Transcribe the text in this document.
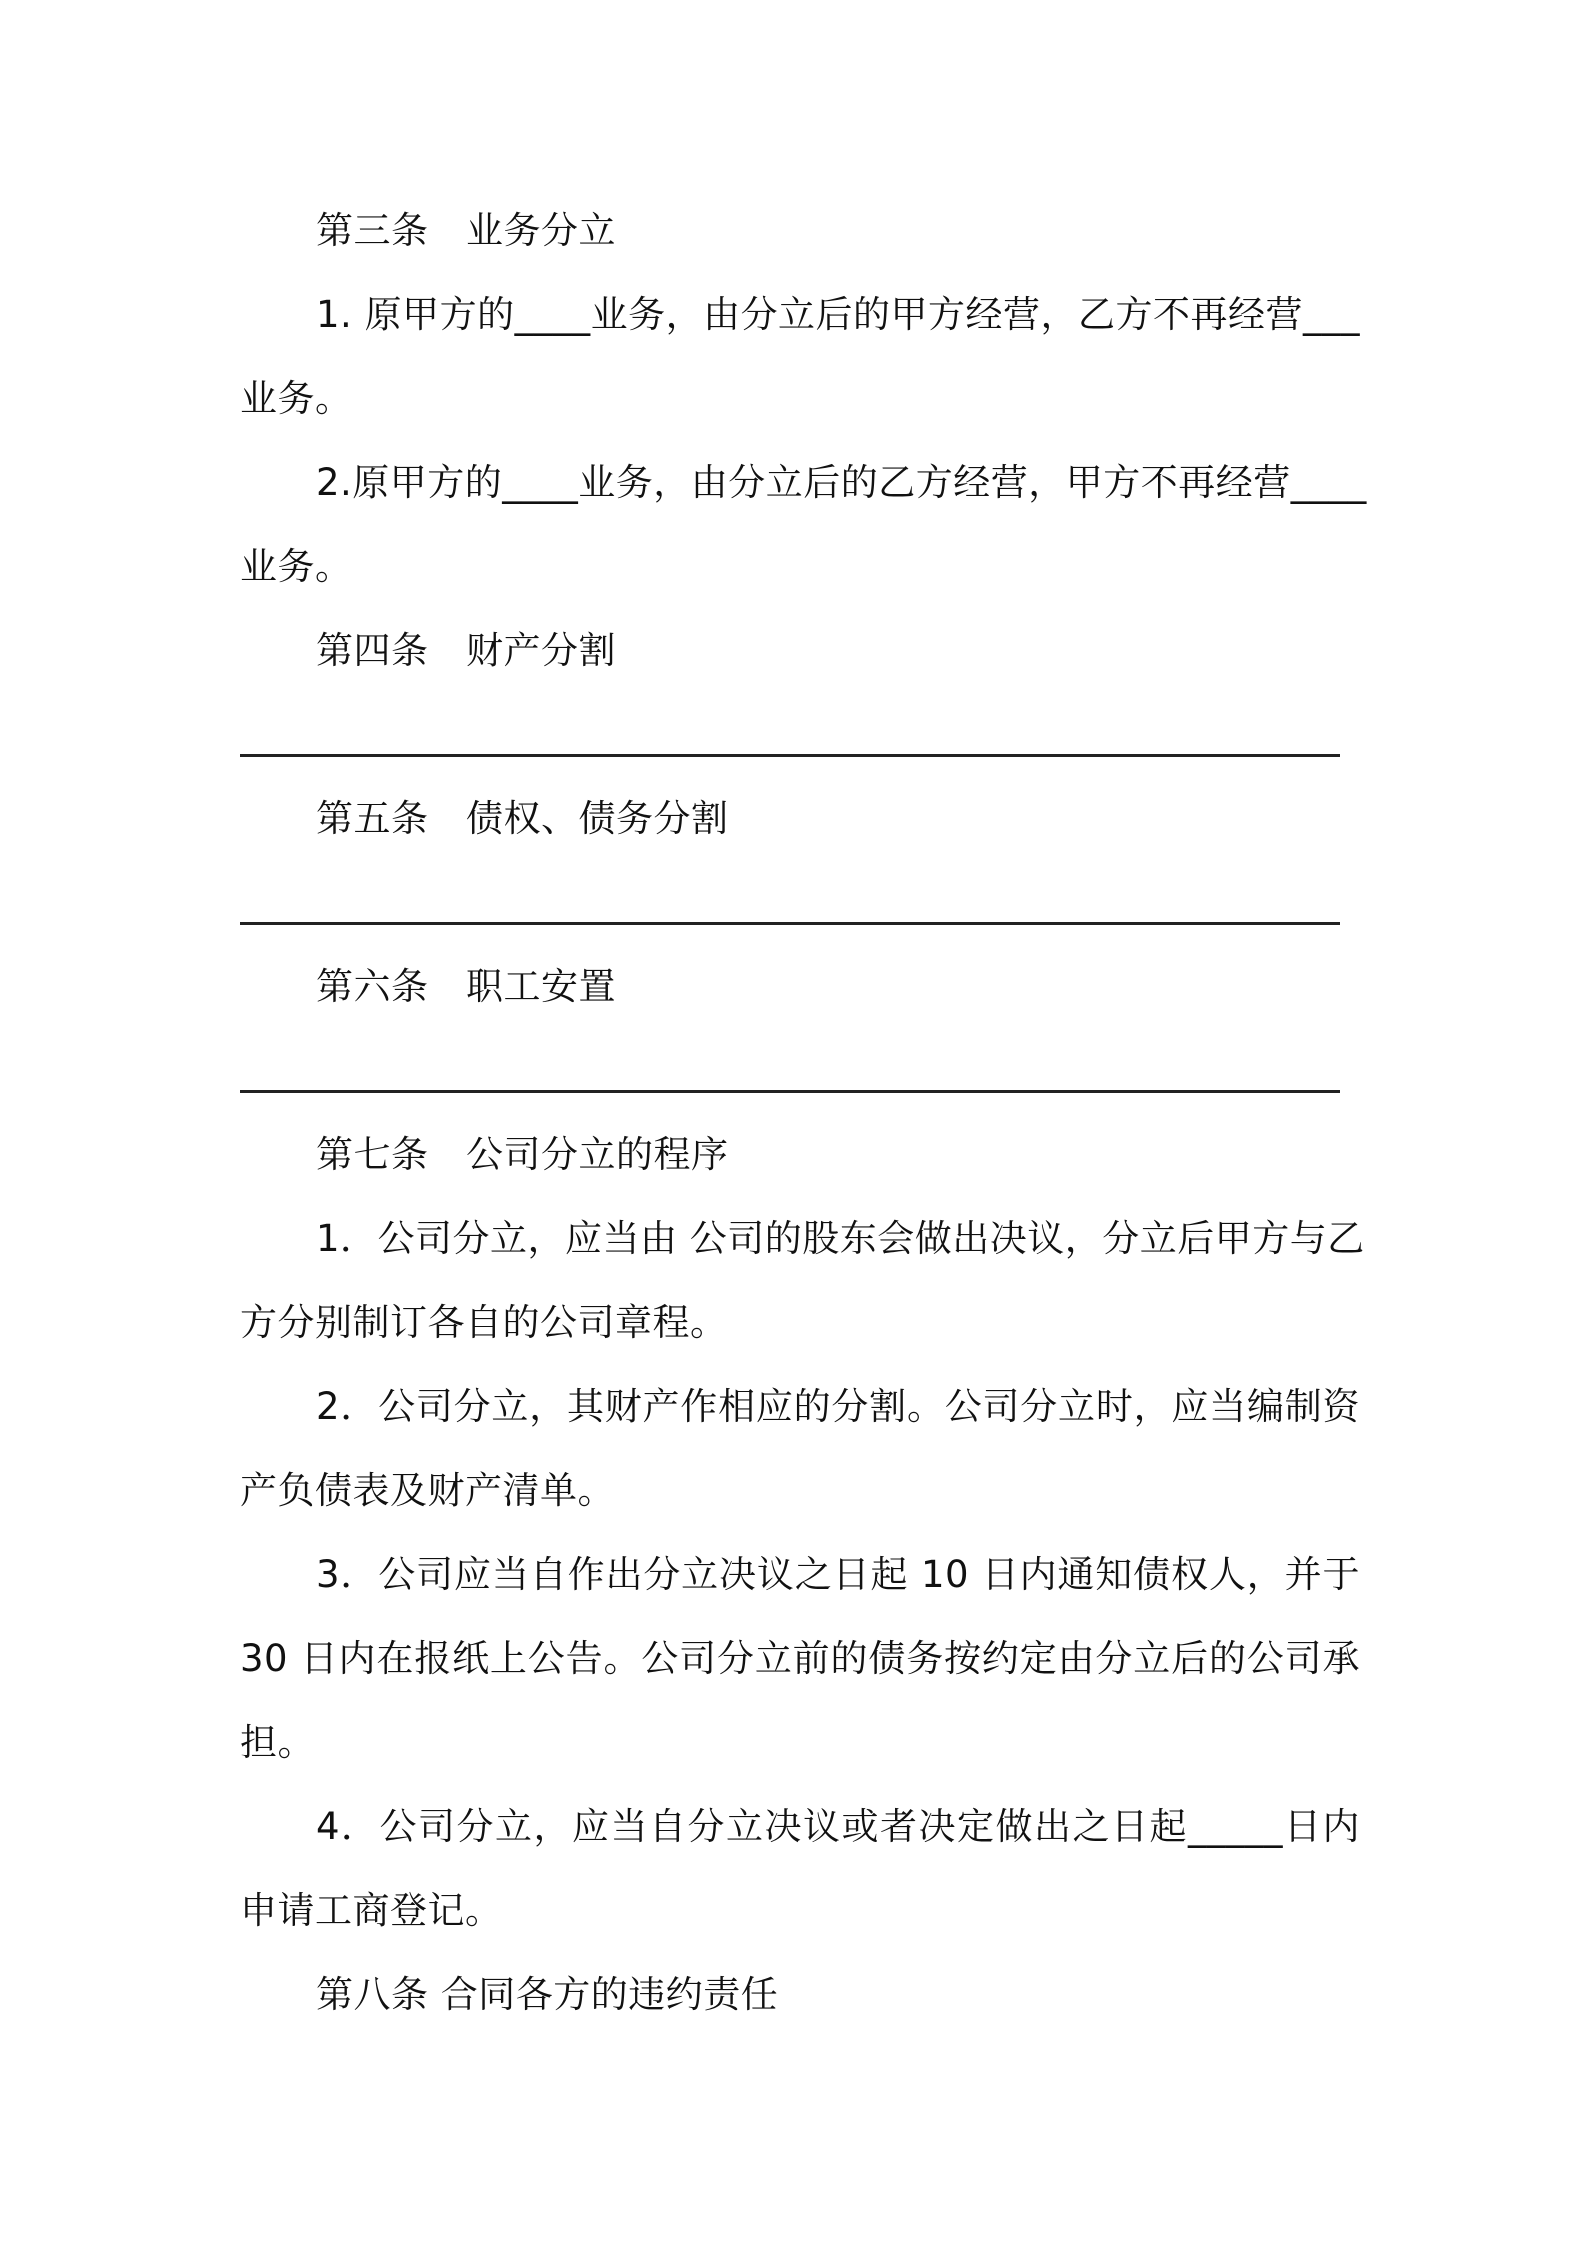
第三条　业务分立
1. 原甲方的____业务，由分立后的甲方经营，乙方不再经营___
业务。
2.原甲方的____业务，由分立后的乙方经营，甲方不再经营____
业务。
第四条　财产分割
第五条　债权、债务分割
第六条　职工安置
第七条　公司分立的程序
1．公司分立，应当由 公司的股东会做出决议，分立后甲方与乙
方分别制订各自的公司章程。
2．公司分立，其财产作相应的分割。公司分立时，应当编制资
产负债表及财产清单。
3．公司应当自作出分立决议之日起 10 日内通知债权人，并于
30 日内在报纸上公告。公司分立前的债务按约定由分立后的公司承
担。
4．公司分立，应当自分立决议或者决定做出之日起_____日内
申请工商登记。
第八条 合同各方的违约责任
